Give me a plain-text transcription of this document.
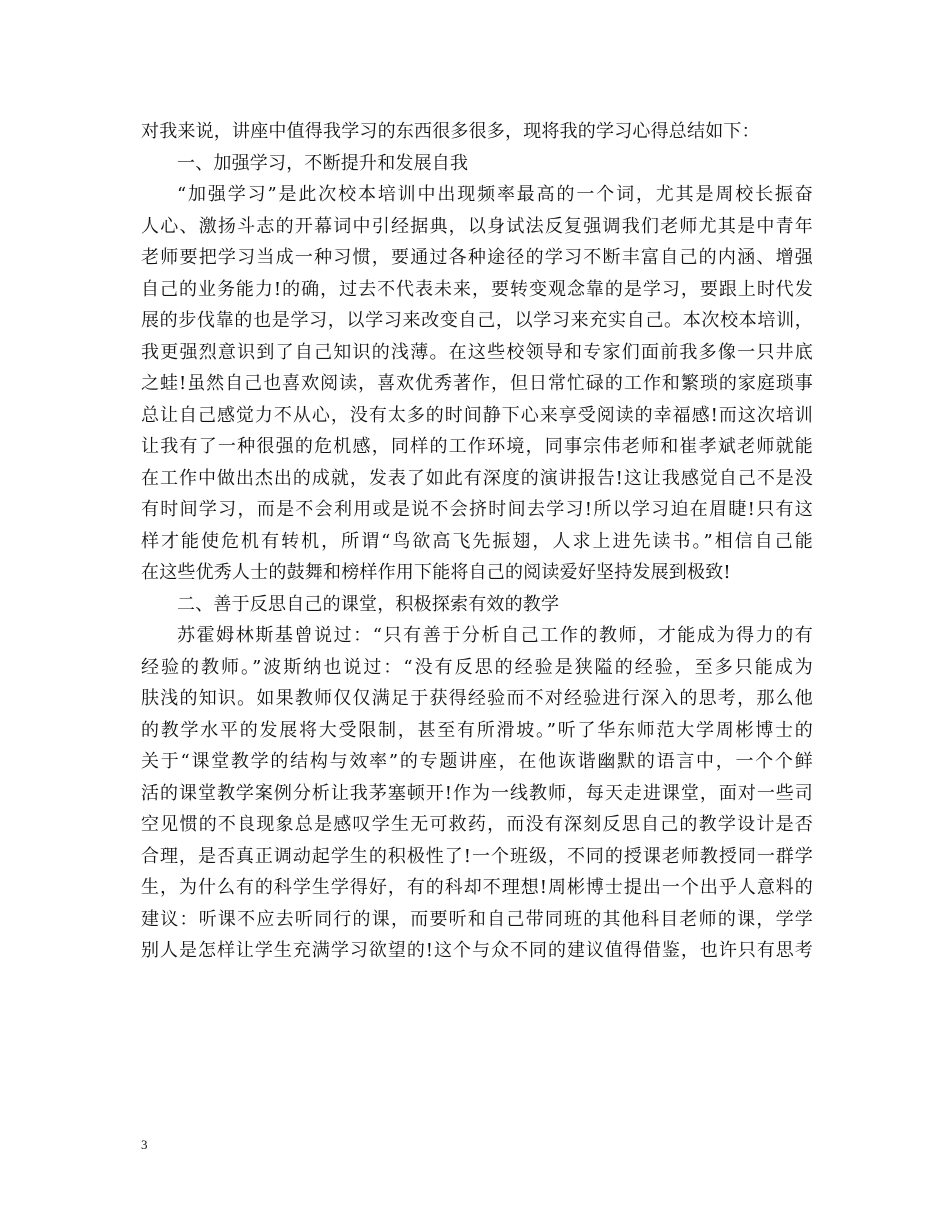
对我来说，讲座中值得我学习的东西很多很多，现将我的学习心得总结如下：
一、加强学习，不断提升和发展自我
“加强学习”是此次校本培训中出现频率最高的一个词，尤其是周校长振奋
人心、激扬斗志的开幕词中引经据典，以身试法反复强调我们老师尤其是中青年
老师要把学习当成一种习惯，要通过各种途径的学习不断丰富自己的内涵、增强
自己的业务能力!的确，过去不代表未来，要转变观念靠的是学习，要跟上时代发
展的步伐靠的也是学习，以学习来改变自己，以学习来充实自己。本次校本培训，
我更强烈意识到了自己知识的浅薄。在这些校领导和专家们面前我多像一只井底
之蛙!虽然自己也喜欢阅读，喜欢优秀著作，但日常忙碌的工作和繁琐的家庭琐事
总让自己感觉力不从心，没有太多的时间静下心来享受阅读的幸福感!而这次培训
让我有了一种很强的危机感，同样的工作环境，同事宗伟老师和崔孝斌老师就能
在工作中做出杰出的成就，发表了如此有深度的演讲报告!这让我感觉自己不是没
有时间学习，而是不会利用或是说不会挤时间去学习!所以学习迫在眉睫!只有这
样才能使危机有转机，所谓“鸟欲高飞先振翅，人求上进先读书。”相信自己能
在这些优秀人士的鼓舞和榜样作用下能将自己的阅读爱好坚持发展到极致!
二、善于反思自己的课堂，积极探索有效的教学
苏霍姆林斯基曾说过：“只有善于分析自己工作的教师，才能成为得力的有
经验的教师。”波斯纳也说过：“没有反思的经验是狭隘的经验，至多只能成为
肤浅的知识。如果教师仅仅满足于获得经验而不对经验进行深入的思考，那么他
的教学水平的发展将大受限制，甚至有所滑坡。”听了华东师范大学周彬博士的
关于“课堂教学的结构与效率”的专题讲座，在他诙谐幽默的语言中，一个个鲜
活的课堂教学案例分析让我茅塞顿开!作为一线教师，每天走进课堂，面对一些司
空见惯的不良现象总是感叹学生无可救药，而没有深刻反思自己的教学设计是否
合理，是否真正调动起学生的积极性了!一个班级，不同的授课老师教授同一群学
生，为什么有的科学生学得好，有的科却不理想!周彬博士提出一个出乎人意料的
建议：听课不应去听同行的课，而要听和自己带同班的其他科目老师的课，学学
别人是怎样让学生充满学习欲望的!这个与众不同的建议值得借鉴，也许只有思考
3
